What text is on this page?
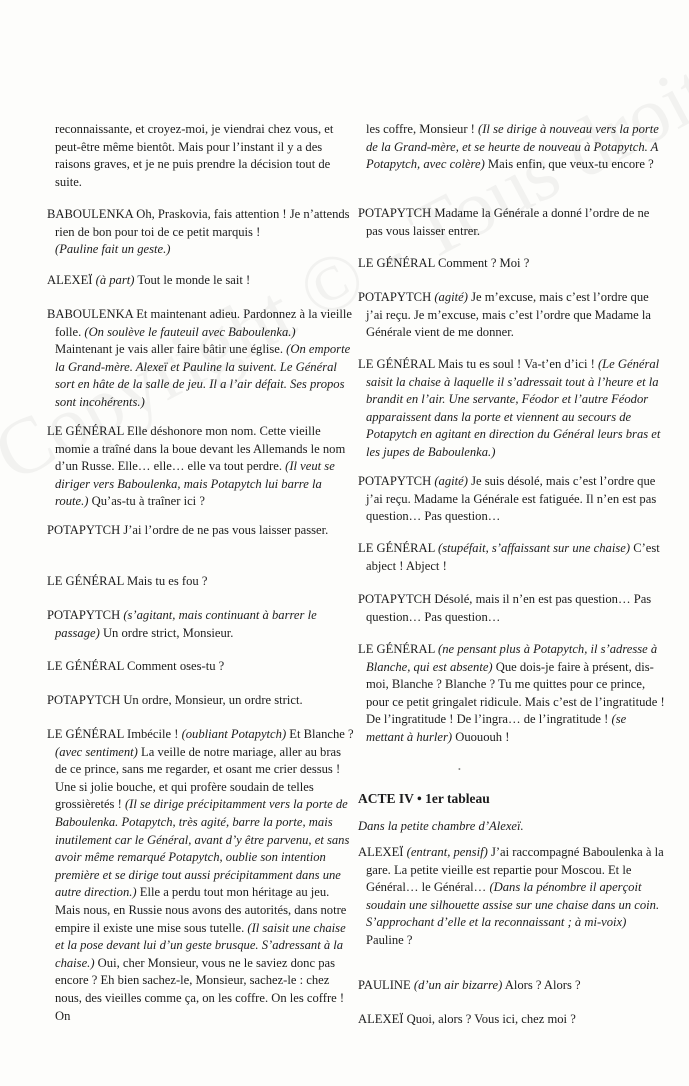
reconnaissante, et croyez-moi, je viendrai chez vous, et peut-être même bientôt. Mais pour l’instant il y a des raisons graves, et je ne puis prendre la décision tout de suite.
BABOULENKA Oh, Praskovia, fais attention ! Je n’attends rien de bon pour toi de ce petit marquis !
(Pauline fait un geste.)
ALEXEÏ (à part) Tout le monde le sait !
BABOULENKA Et maintenant adieu. Pardonnez à la vieille folle. (On soulève le fauteuil avec Baboulenka.) Maintenant je vais aller faire bâtir une église. (On emporte la Grand-mère. Alexeï et Pauline la suivent. Le Général sort en hâte de la salle de jeu. Il a l’air défait. Ses propos sont incohérents.)
LE GÉNÉRAL Elle déshonore mon nom. Cette vieille momie a traîné dans la boue devant les Allemands le nom d’un Russe. Elle… elle… elle va tout perdre. (Il veut se diriger vers Baboulenka, mais Potapytch lui barre la route.) Qu’as-tu à traîner ici ?
POTAPYTCH J’ai l’ordre de ne pas vous laisser passer.
LE GÉNÉRAL Mais tu es fou ?
POTAPYTCH (s’agitant, mais continuant à barrer le passage) Un ordre strict, Monsieur.
LE GÉNÉRAL Comment oses-tu ?
POTAPYTCH Un ordre, Monsieur, un ordre strict.
LE GÉNÉRAL Imbécile ! (oubliant Potapytch) Et Blanche ? (avec sentiment) La veille de notre mariage, aller au bras de ce prince, sans me regarder, et osant me crier dessus ! Une si jolie bouche, et qui profère soudain de telles grossièretés ! (Il se dirige précipitamment vers la porte de Baboulenka. Potapytch, très agité, barre la porte, mais inutilement car le Général, avant d’y être parvenu, et sans avoir même remarqué Potapytch, oublie son intention première et se dirige tout aussi précipitamment dans une autre direction.) Elle a perdu tout mon héritage au jeu. Mais nous, en Russie nous avons des autorités, dans notre empire il existe une mise sous tutelle. (Il saisit une chaise et la pose devant lui d’un geste brusque. S’adressant à la chaise.) Oui, cher Monsieur, vous ne le saviez donc pas encore ? Eh bien sachez-le, Monsieur, sachez-le : chez nous, des vieilles comme ça, on les coffre. On les coffre ! On
les coffre, Monsieur ! (Il se dirige à nouveau vers la porte de la Grand-mère, et se heurte de nouveau à Potapytch. A Potapytch, avec colère) Mais enfin, que veux-tu encore ?
POTAPYTCH Madame la Générale a donné l’ordre de ne pas vous laisser entrer.
LE GÉNÉRAL Comment ? Moi ?
POTAPYTCH (agité) Je m’excuse, mais c’est l’ordre que j’ai reçu. Je m’excuse, mais c’est l’ordre que Madame la Générale vient de me donner.
LE GÉNÉRAL Mais tu es soul ! Va-t’en d’ici ! (Le Général saisit la chaise à laquelle il s’adressait tout à l’heure et la brandit en l’air. Une servante, Féodor et l’autre Féodor apparaissent dans la porte et viennent au secours de Potapytch en agitant en direction du Général leurs bras et les jupes de Baboulenka.)
POTAPYTCH (agité) Je suis désolé, mais c’est l’ordre que j’ai reçu. Madame la Générale est fatiguée. Il n’en est pas question… Pas question…
LE GÉNÉRAL (stupéfait, s’affaissant sur une chaise) C’est abject ! Abject !
POTAPYTCH Désolé, mais il n’en est pas question… Pas question… Pas question…
LE GÉNÉRAL (ne pensant plus à Potapytch, il s’adresse à Blanche, qui est absente) Que dois-je faire à présent, dis-moi, Blanche ? Blanche ? Tu me quittes pour ce prince, pour ce petit gringalet ridicule. Mais c’est de l’ingratitude ! De l’ingratitude ! De l’ingra… de l’ingratitude ! (se mettant à hurler) Ouououh !
ACTE IV • 1er tableau
Dans la petite chambre d’Alexeï.
ALEXEÏ (entrant, pensif) J’ai raccompagné Baboulenka à la gare. La petite vieille est repartie pour Moscou. Et le Général… le Général… (Dans la pénombre il aperçoit soudain une silhouette assise sur une chaise dans un coin. S’approchant d’elle et la reconnaissant ; à mi-voix)
Pauline ?
PAULINE (d’un air bizarre) Alors ? Alors ?
ALEXEÏ Quoi, alors ? Vous ici, chez moi ?
•
